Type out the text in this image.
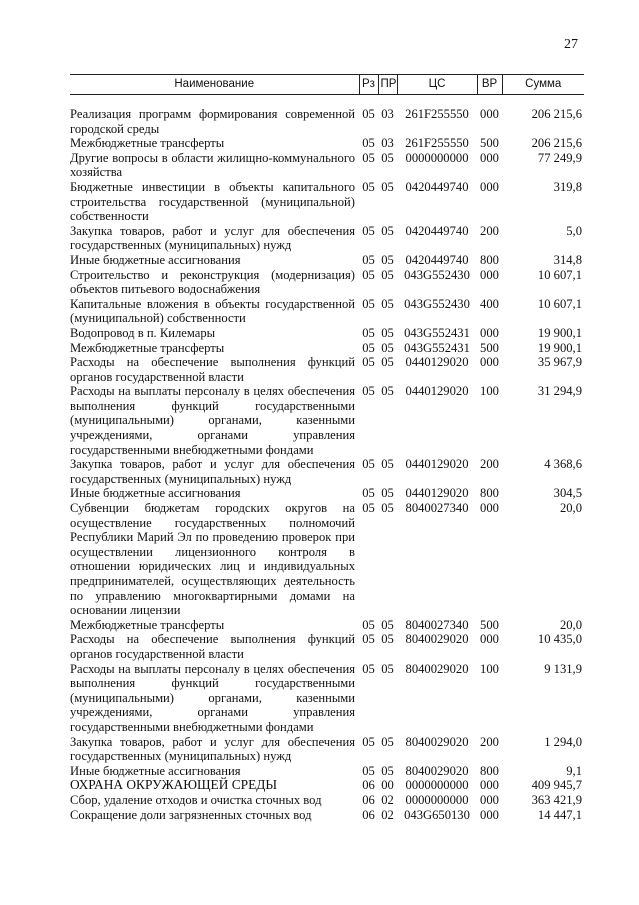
27
Наименование	Рз	ПР	ЦС	ВР	Сумма

Реализация программ формирования современной городской среды	05	03	261F255550	000	206 215,6
Межбюджетные трансферты	05	03	261F255550	500	206 215,6
Другие вопросы в области жилищно-коммунального хозяйства	05	05	0000000000	000	77 249,9
Бюджетные инвестиции в объекты капитального строительства государственной (муниципальной) собственности	05	05	0420449740	000	319,8
Закупка товаров, работ и услуг для обеспечения государственных (муниципальных) нужд	05	05	0420449740	200	5,0
Иные бюджетные ассигнования	05	05	0420449740	800	314,8
Строительство и реконструкция (модернизация) объектов питьевого водоснабжения	05	05	043G552430	000	10 607,1
Капитальные вложения в объекты государственной (муниципальной) собственности	05	05	043G552430	400	10 607,1
Водопровод в п. Килемары	05	05	043G552431	000	19 900,1
Межбюджетные трансферты	05	05	043G552431	500	19 900,1
Расходы на обеспечение выполнения функций органов государственной власти	05	05	0440129020	000	35 967,9
Расходы на выплаты персоналу в целях обеспечения выполнения функций государственными (муниципальными) органами, казенными учреждениями, органами управления государственными внебюджетными фондами	05	05	0440129020	100	31 294,9
Закупка товаров, работ и услуг для обеспечения государственных (муниципальных) нужд	05	05	0440129020	200	4 368,6
Иные бюджетные ассигнования	05	05	0440129020	800	304,5
Субвенции бюджетам городских округов на осуществление государственных полномочий Республики Марий Эл по проведению проверок при осуществлении лицензионного контроля в отношении юридических лиц и индивидуальных предпринимателей, осуществляющих деятельность по управлению многоквартирными домами на основании лицензии	05	05	8040027340	000	20,0
Межбюджетные трансферты	05	05	8040027340	500	20,0
Расходы на обеспечение выполнения функций органов государственной власти	05	05	8040029020	000	10 435,0
Расходы на выплаты персоналу в целях обеспечения выполнения функций государственными (муниципальными) органами, казенными учреждениями, органами управления государственными внебюджетными фондами	05	05	8040029020	100	9 131,9
Закупка товаров, работ и услуг для обеспечения государственных (муниципальных) нужд	05	05	8040029020	200	1 294,0
Иные бюджетные ассигнования	05	05	8040029020	800	9,1
ОХРАНА ОКРУЖАЮЩЕЙ СРЕДЫ	06	00	0000000000	000	409 945,7
Сбор, удаление отходов и очистка сточных вод	06	02	0000000000	000	363 421,9
Сокращение доли загрязненных сточных вод	06	02	043G650130	000	14 447,1
